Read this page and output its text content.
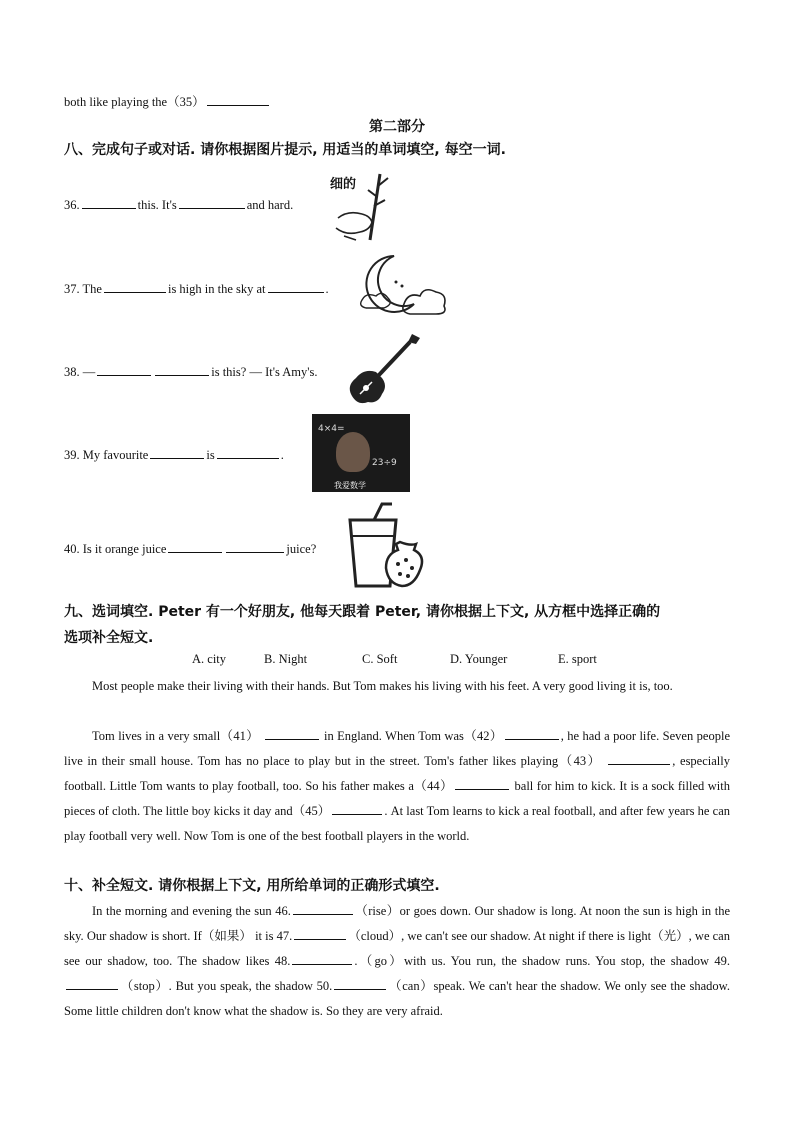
both like playing the（35）
第二部分
八、完成句子或对话. 请你根据图片提示, 用适当的单词填空, 每空一词.
36.	this. It's	and hard.
细的
37. The	is high in the sky at	.
38. —	is this? — It's Amy's.
39. My favourite	is	.
4×4=
23÷9
我爱数学
40. Is it orange juice	juice?
九、选词填空. Peter 有一个好朋友, 他每天跟着 Peter, 请你根据上下文, 从方框中选择正确的
选项补全短文.
A. city	B. Night	C. Soft	D. Younger	E. sport
Most people make their living with their hands. But Tom makes his living with his feet. A very good living it is, too.
Tom lives in a very small（41）	in England. When Tom was（42）	, he had a poor life. Seven people live in their small house. Tom has no place to play but in the street. Tom's father likes playing（43）	, especially football. Little Tom wants to play football, too. So his father makes a（44）	ball for him to kick. It is a sock filled with pieces of cloth. The little boy kicks it day and（45）	. At last Tom learns to kick a real football, and after few years he can play football very well. Now Tom is one of the best football players in the world.
十、补全短文. 请你根据上下文, 用所给单词的正确形式填空.
In the morning and evening the sun 46.	（rise）or goes down. Our shadow is long. At noon the sun is high in the sky. Our shadow is short. If（如果） it is 47.	（cloud）, we can't see our shadow. At night if there is light（光）, we can see our shadow, too. The shadow likes 48.	.（go）with us. You run, the shadow runs. You stop, the shadow 49.（stop）. But you speak, the shadow 50.	（can）speak. We can't hear the shadow. We only see the shadow. Some little children don't know what the shadow is. So they are very afraid.
